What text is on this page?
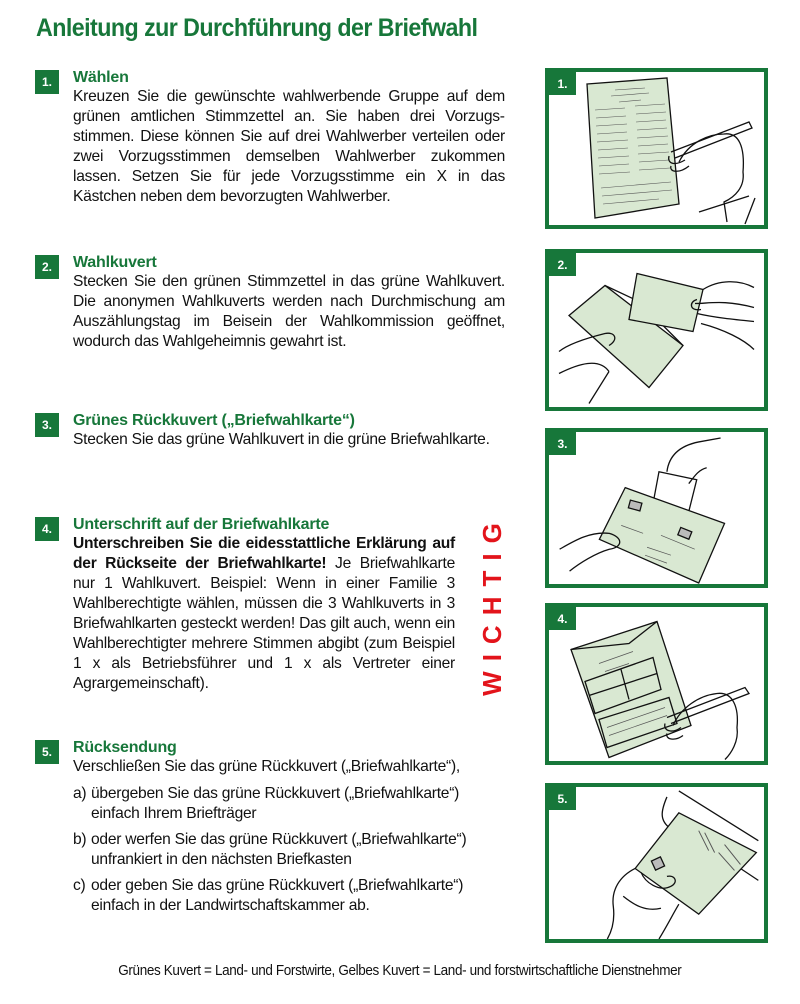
Anleitung zur Durchführung der Briefwahl
1.	Wählen
Kreuzen Sie die gewünschte wahlwerbende Gruppe auf dem grünen amtlichen Stimmzettel an. Sie haben drei Vorzugsstimmen. Diese können Sie auf drei Wahlwerber verteilen oder zwei Vorzugsstimmen demselben Wahlwerber zukommen lassen. Setzen Sie für jede Vorzugsstimme ein X in das Kästchen neben dem bevorzugten Wahlwerber.
2.	Wahlkuvert
Stecken Sie den grünen Stimmzettel in das grüne Wahlkuvert. Die anonymen Wahlkuverts werden nach Durchmischung am Auszählungstag im Beisein der Wahlkommission geöffnet, wodurch das Wahlgeheimnis gewahrt ist.
3.	Grünes Rückkuvert („Briefwahlkarte“)
Stecken Sie das grüne Wahlkuvert in die grüne Briefwahlkarte.
4.	Unterschrift auf der Briefwahlkarte
Unterschreiben Sie die eidesstattliche Erklärung auf der Rückseite der Briefwahlkarte! Je Briefwahlkarte nur 1 Wahlkuvert. Beispiel: Wenn in einer Familie 3 Wahlberechtigte wählen, müssen die 3 Wahlkuverts in 3 Briefwahlkarten gesteckt werden! Das gilt auch, wenn ein Wahlberechtigter mehrere Stimmen abgibt (zum Beispiel 1 x als Betriebsführer und 1 x als Vertreter einer Agrargemeinschaft).	WICHTIG
5.	Rücksendung
Verschließen Sie das grüne Rückkuvert („Briefwahlkarte“),
a) übergeben Sie das grüne Rückkuvert („Briefwahlkarte“) einfach Ihrem Briefträger
b) oder werfen Sie das grüne Rückkuvert („Briefwahlkarte“) unfrankiert in den nächsten Briefkasten
c) oder geben Sie das grüne Rückkuvert („Briefwahlkarte“) einfach in der Landwirtschaftskammer ab.
1.
2.
3.
4.
5.
Grünes Kuvert = Land- und Forstwirte, Gelbes Kuvert = Land- und forstwirtschaftliche Dienstnehmer
